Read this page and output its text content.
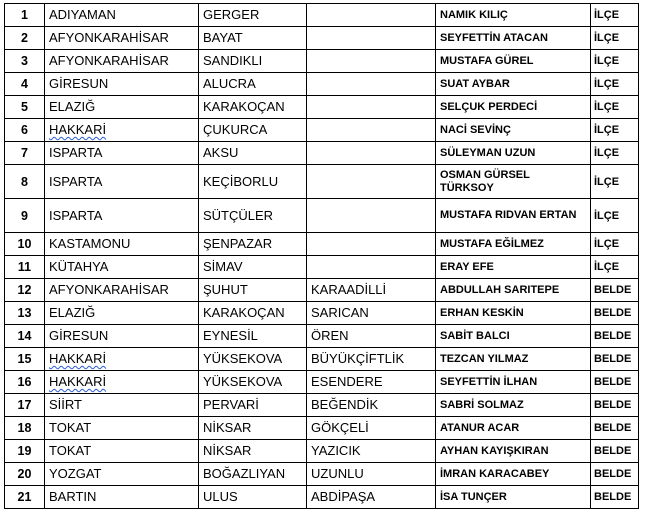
1	ADIYAMAN	GERGER		NAMIK KILIÇ	İLÇE
2	AFYONKARAHİSAR	BAYAT		SEYFETTİN ATACAN	İLÇE
3	AFYONKARAHİSAR	SANDIKLI		MUSTAFA GÜREL	İLÇE
4	GİRESUN	ALUCRA		SUAT AYBAR	İLÇE
5	ELAZIĞ	KARAKOÇAN		SELÇUK PERDECİ	İLÇE
6	HAKKARİ	ÇUKURCA		NACİ SEVİNÇ	İLÇE
7	ISPARTA	AKSU		SÜLEYMAN UZUN	İLÇE
8	ISPARTA	KEÇİBORLU		OSMAN GÜRSEL TÜRKSOY	İLÇE
9	ISPARTA	SÜTÇÜLER		MUSTAFA RIDVAN ERTAN	İLÇE
10	KASTAMONU	ŞENPAZAR		MUSTAFA EĞİLMEZ	İLÇE
11	KÜTAHYA	SİMAV		ERAY EFE	İLÇE
12	AFYONKARAHİSAR	ŞUHUT	KARAADİLLİ	ABDULLAH SARITEPE	BELDE
13	ELAZIĞ	KARAKOÇAN	SARICAN	ERHAN KESKİN	BELDE
14	GİRESUN	EYNESİL	ÖREN	SABİT BALCI	BELDE
15	HAKKARİ	YÜKSEKOVA	BÜYÜKÇİFTLİK	TEZCAN YILMAZ	BELDE
16	HAKKARİ	YÜKSEKOVA	ESENDERE	SEYFETTİN İLHAN	BELDE
17	SİİRT	PERVARİ	BEĞENDİK	SABRİ SOLMAZ	BELDE
18	TOKAT	NİKSAR	GÖKÇELİ	ATANUR ACAR	BELDE
19	TOKAT	NİKSAR	YAZICIK	AYHAN KAYIŞKIRAN	BELDE
20	YOZGAT	BOĞAZLIYAN	UZUNLU	İMRAN KARACABEY	BELDE
21	BARTIN	ULUS	ABDİPAŞA	İSA TUNÇER	BELDE
